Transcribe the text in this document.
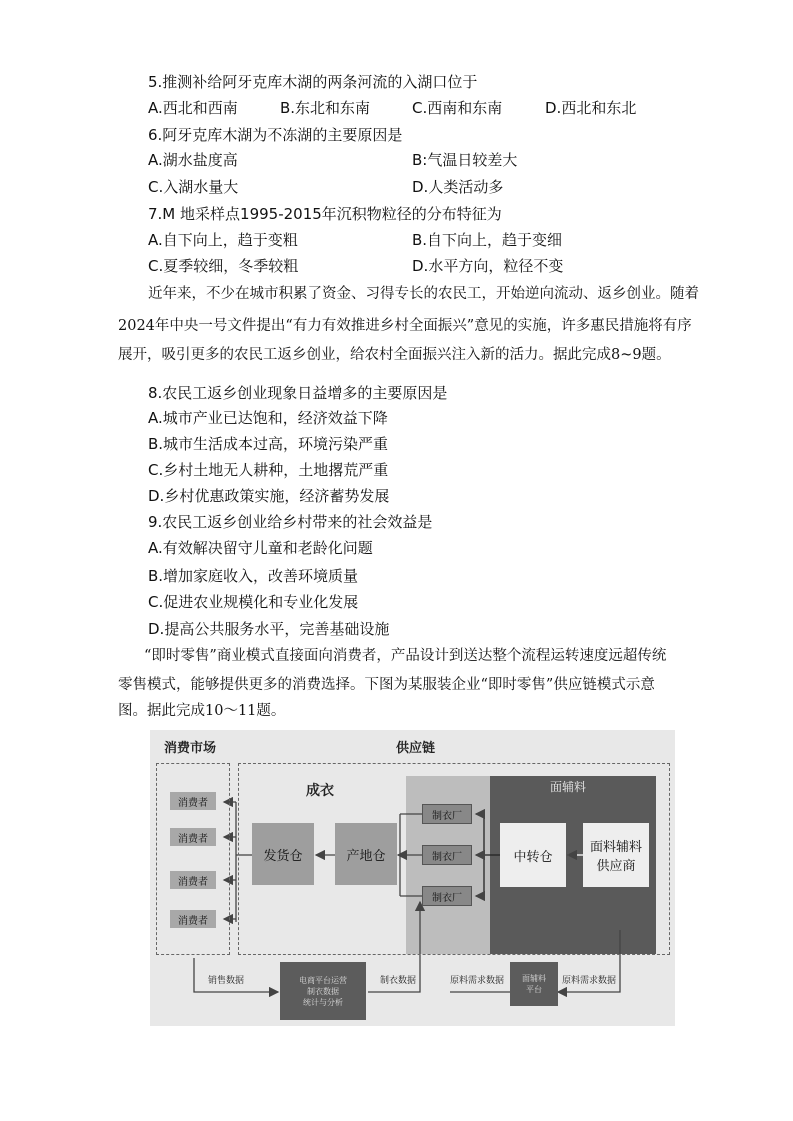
5.推测补给阿牙克库木湖的两条河流的入湖口位于
A.西北和西南	B.东北和东南	C.西南和东南	D.西北和东北
6.阿牙克库木湖为不冻湖的主要原因是
A.湖水盐度高	B:气温日较差大
C.入湖水量大	D.人类活动多
7.M 地采样点1995-2015年沉积物粒径的分布特征为
A.自下向上，趋于变粗	B.自下向上，趋于变细
C.夏季较细，冬季较粗	D.水平方向，粒径不变
近年来，不少在城市积累了资金、习得专长的农民工，开始逆向流动、返乡创业。随着
2024年中央一号文件提出“有力有效推进乡村全面振兴”意见的实施，许多惠民措施将有序
展开，吸引更多的农民工返乡创业，给农村全面振兴注入新的活力。据此完成8~9题。
8.农民工返乡创业现象日益增多的主要原因是
A.城市产业已达饱和，经济效益下降
B.城市生活成本过高，环境污染严重
C.乡村土地无人耕种，土地撂荒严重
D.乡村优惠政策实施，经济蓄势发展
9.农民工返乡创业给乡村带来的社会效益是
A.有效解决留守儿童和老龄化问题
B.增加家庭收入，改善环境质量
C.促进农业规模化和专业化发展
D.提高公共服务水平，完善基础设施
“即时零售”商业模式直接面向消费者，产品设计到送达整个流程运转速度远超传统
零售模式，能够提供更多的消费选择。下图为某服装企业“即时零售”供应链模式示意
图。据此完成10～11题。
消费市场	供应链
成衣	面辅料
消费者
消费者
消费者
消费者
发货仓	产地仓
制衣厂
制衣厂
制衣厂
中转仓
面料辅料
供应商
销售数据	电商平台运营
制衣数据
统计与分析
制衣数据	原料需求数据 面辅料
平台
原料需求数据
